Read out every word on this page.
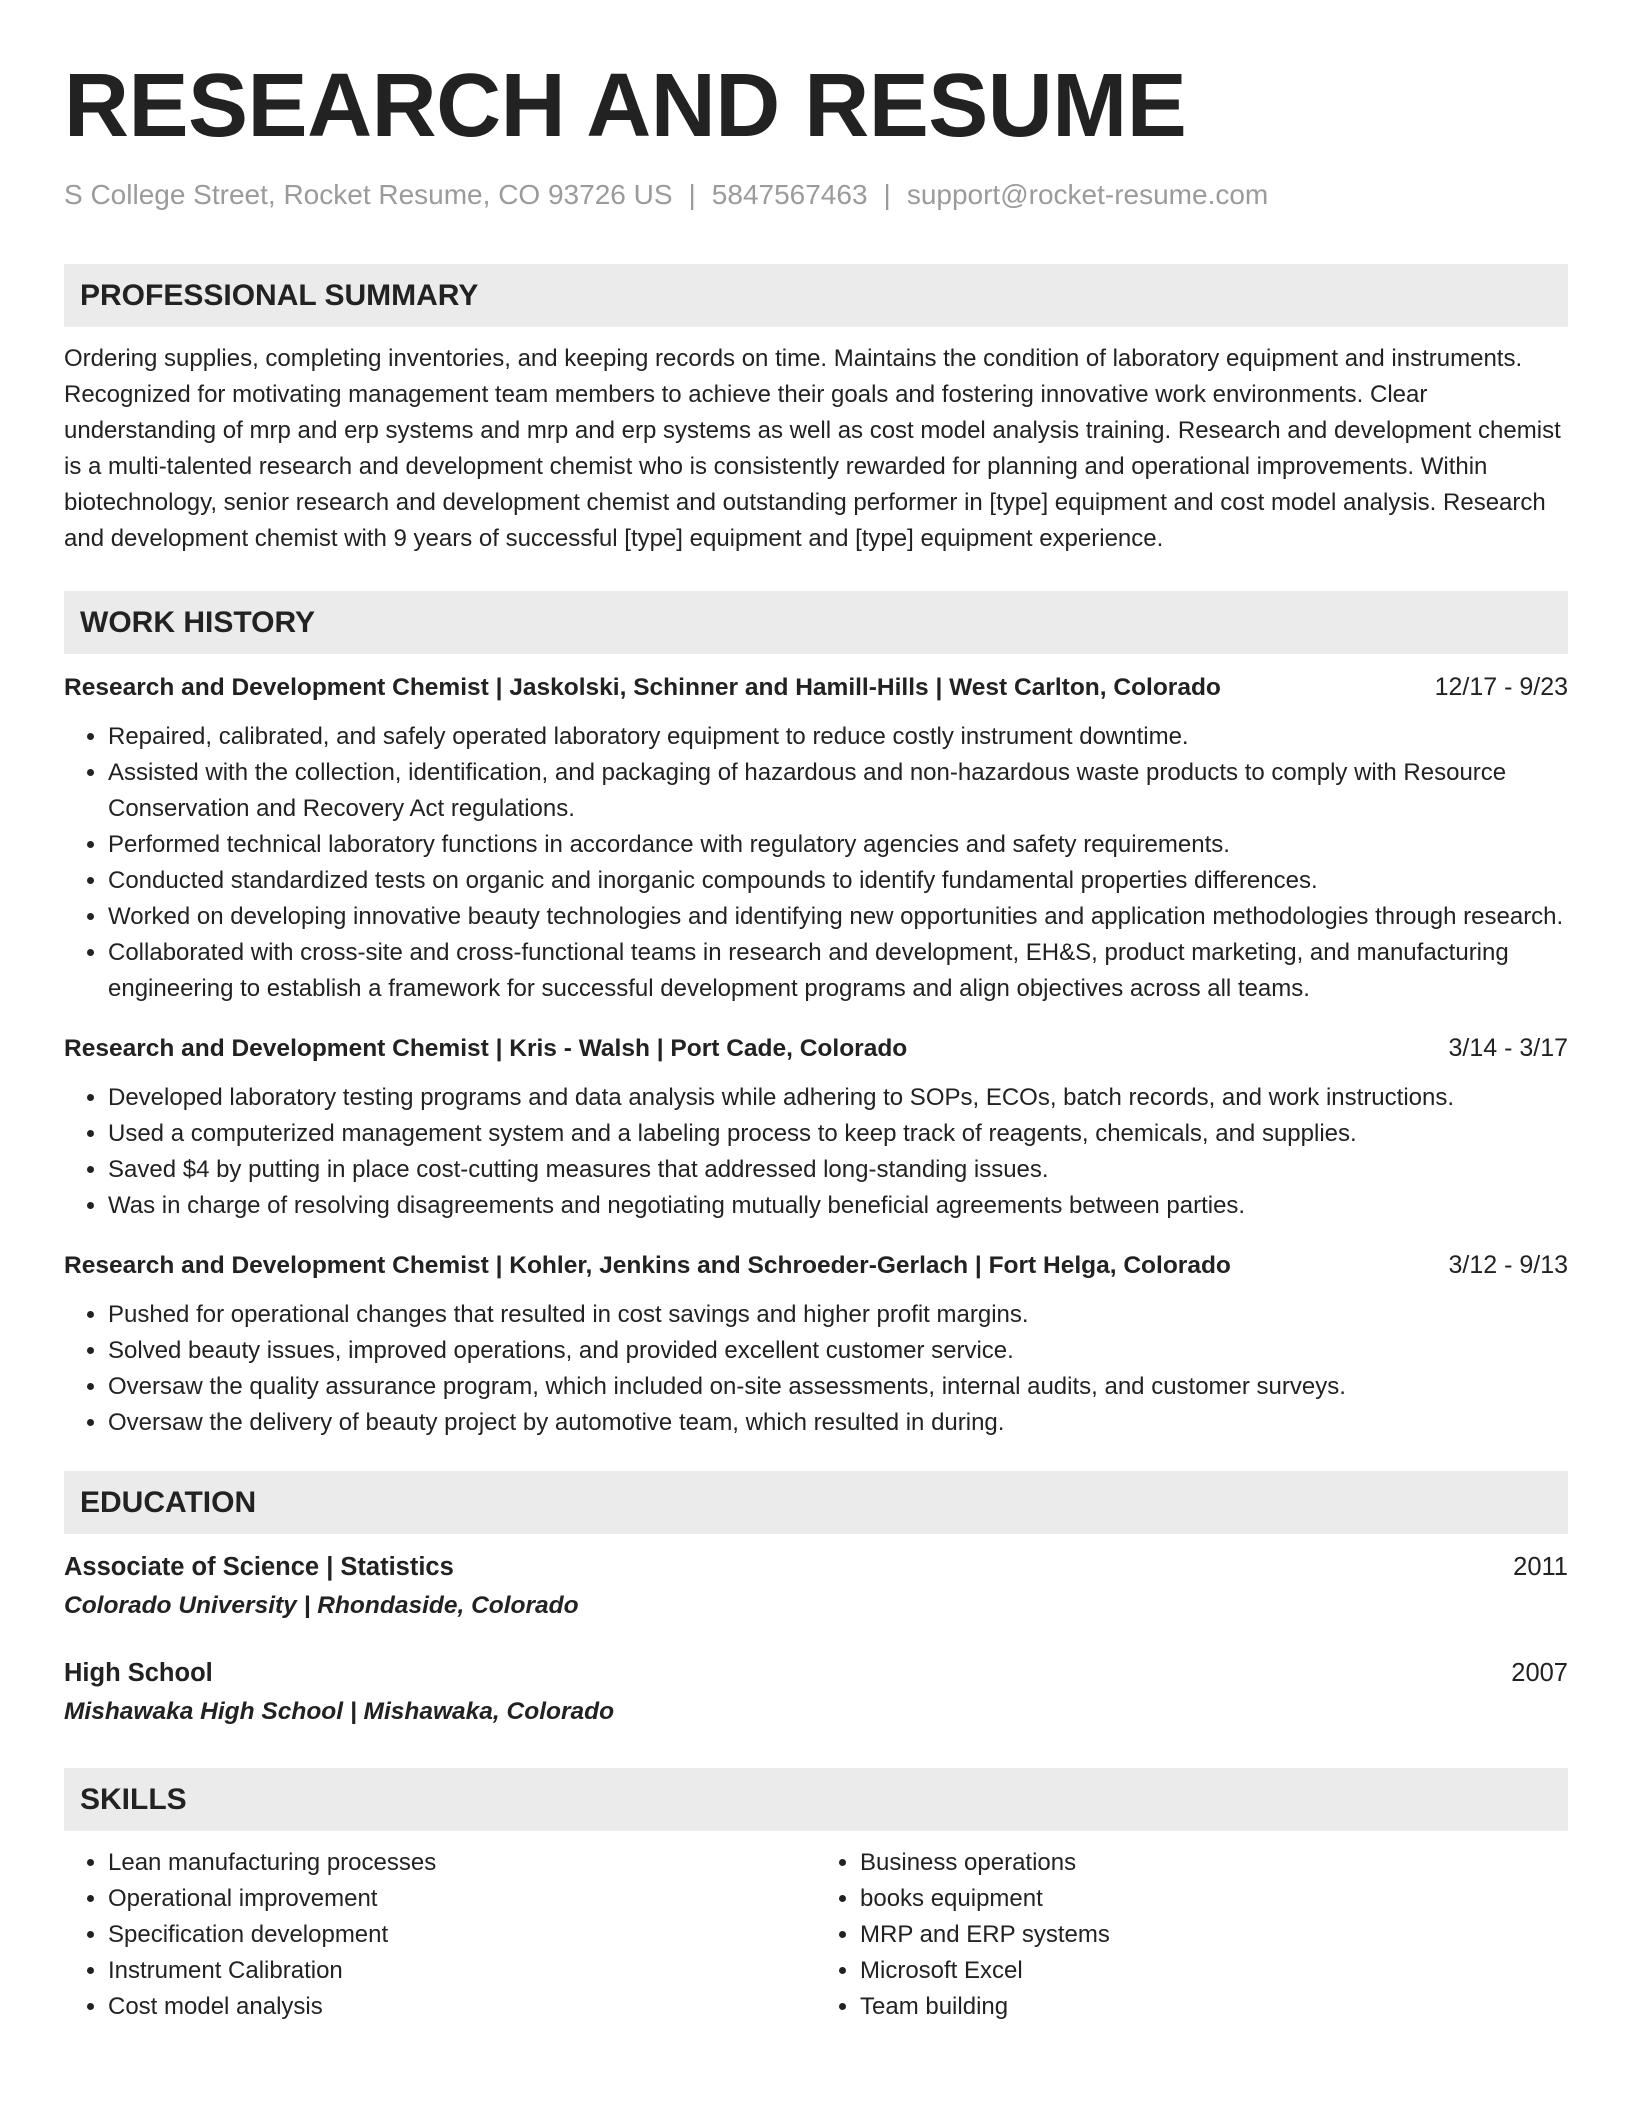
RESEARCH AND RESUME
S College Street, Rocket Resume, CO 93726 US | 5847567463 | support@rocket-resume.com
PROFESSIONAL SUMMARY
Ordering supplies, completing inventories, and keeping records on time. Maintains the condition of laboratory equipment and instruments. Recognized for motivating management team members to achieve their goals and fostering innovative work environments. Clear understanding of mrp and erp systems and mrp and erp systems as well as cost model analysis training. Research and development chemist is a multi-talented research and development chemist who is consistently rewarded for planning and operational improvements. Within biotechnology, senior research and development chemist and outstanding performer in [type] equipment and cost model analysis. Research and development chemist with 9 years of successful [type] equipment and [type] equipment experience.
WORK HISTORY
Research and Development Chemist | Jaskolski, Schinner and Hamill-Hills | West Carlton, Colorado	12/17 - 9/23
• Repaired, calibrated, and safely operated laboratory equipment to reduce costly instrument downtime.
• Assisted with the collection, identification, and packaging of hazardous and non-hazardous waste products to comply with Resource Conservation and Recovery Act regulations.
• Performed technical laboratory functions in accordance with regulatory agencies and safety requirements.
• Conducted standardized tests on organic and inorganic compounds to identify fundamental properties differences.
• Worked on developing innovative beauty technologies and identifying new opportunities and application methodologies through research.
• Collaborated with cross-site and cross-functional teams in research and development, EH&S, product marketing, and manufacturing engineering to establish a framework for successful development programs and align objectives across all teams.
Research and Development Chemist | Kris - Walsh | Port Cade, Colorado	3/14 - 3/17
• Developed laboratory testing programs and data analysis while adhering to SOPs, ECOs, batch records, and work instructions.
• Used a computerized management system and a labeling process to keep track of reagents, chemicals, and supplies.
• Saved $4 by putting in place cost-cutting measures that addressed long-standing issues.
• Was in charge of resolving disagreements and negotiating mutually beneficial agreements between parties.
Research and Development Chemist | Kohler, Jenkins and Schroeder-Gerlach | Fort Helga, Colorado	3/12 - 9/13
• Pushed for operational changes that resulted in cost savings and higher profit margins.
• Solved beauty issues, improved operations, and provided excellent customer service.
• Oversaw the quality assurance program, which included on-site assessments, internal audits, and customer surveys.
• Oversaw the delivery of beauty project by automotive team, which resulted in during.
EDUCATION
Associate of Science | Statistics	2011
Colorado University | Rhondaside, Colorado
High School	2007
Mishawaka High School | Mishawaka, Colorado
SKILLS
• Lean manufacturing processes
• Operational improvement
• Specification development
• Instrument Calibration
• Cost model analysis
• Business operations
• books equipment
• MRP and ERP systems
• Microsoft Excel
• Team building
